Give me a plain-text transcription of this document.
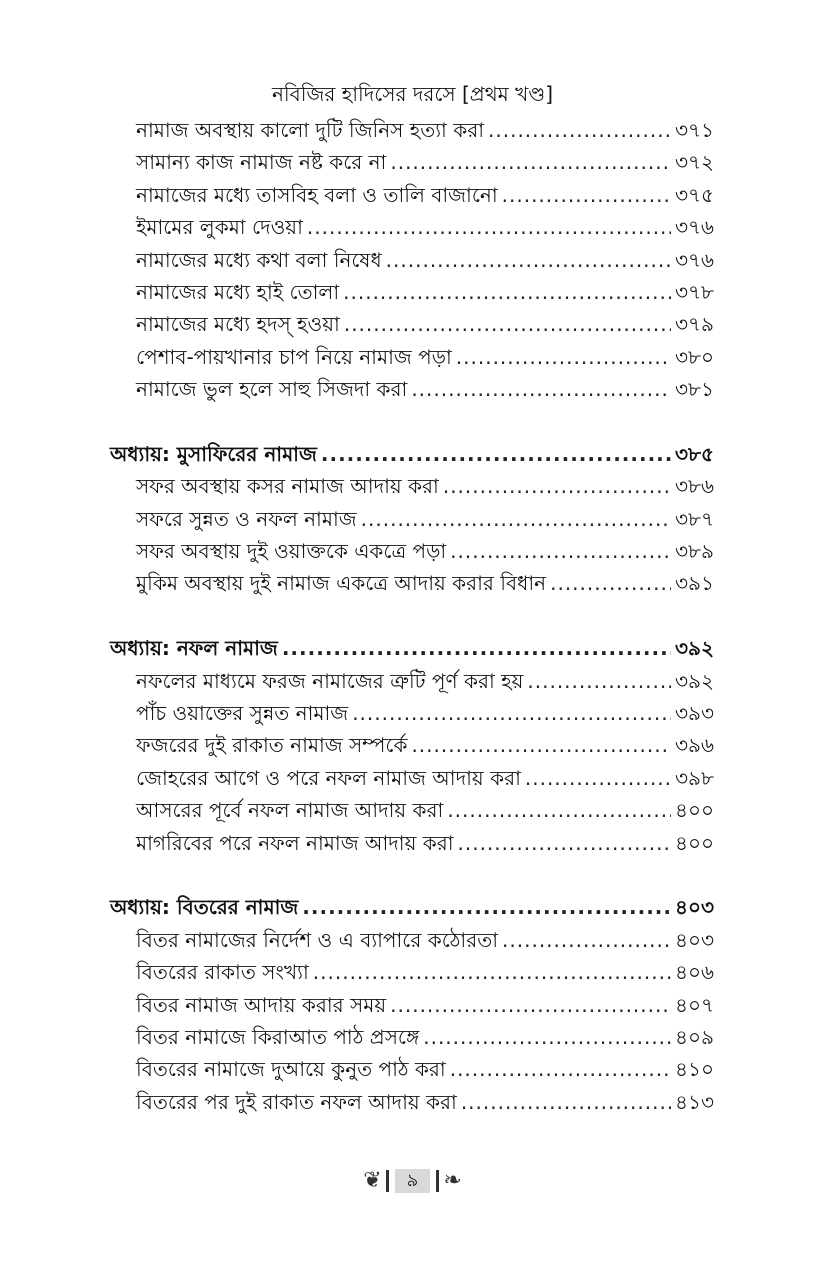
নবিজির হাদিসের দরসে [প্রথম খণ্ড]
নামাজ অবস্থায় কালো দুটি জিনিস হত্যা করা .....	৩৭১
সামান্য কাজ নামাজ নষ্ট করে না .....	৩৭২
নামাজের মধ্যে তাসবিহ বলা ও তালি বাজানো .....	৩৭৫
ইমামের লুকমা দেওয়া .....	৩৭৬
নামাজের মধ্যে কথা বলা নিষেধ .....	৩৭৬
নামাজের মধ্যে হাই তোলা .....	৩৭৮
নামাজের মধ্যে হদস্ হওয়া .....	৩৭৯
পেশাব-পায়খানার চাপ নিয়ে নামাজ পড়া .....	৩৮০
নামাজে ভুল হলে সাহু সিজদা করা .....	৩৮১
অধ্যায়: মুসাফিরের নামাজ .....	৩৮৫
সফর অবস্থায় কসর নামাজ আদায় করা .....	৩৮৬
সফরে সুন্নত ও নফল নামাজ .....	৩৮৭
সফর অবস্থায় দুই ওয়াক্তকে একত্রে পড়া .....	৩৮৯
মুকিম অবস্থায় দুই নামাজ একত্রে আদায় করার বিধান .....	৩৯১
অধ্যায়: নফল নামাজ .....	৩৯২
নফলের মাধ্যমে ফরজ নামাজের ত্রুটি পূর্ণ করা হয় .....	৩৯২
পাঁচ ওয়াক্তের সুন্নত নামাজ .....	৩৯৩
ফজরের দুই রাকাত নামাজ সম্পর্কে .....	৩৯৬
জোহরের আগে ও পরে নফল নামাজ আদায় করা .....	৩৯৮
আসরের পূর্বে নফল নামাজ আদায় করা .....	৪০০
মাগরিবের পরে নফল নামাজ আদায় করা .....	৪০০
অধ্যায়: বিতরের নামাজ .....	৪০৩
বিতর নামাজের নির্দেশ ও এ ব্যাপারে কঠোরতা .....	৪০৩
বিতরের রাকাত সংখ্যা .....	৪০৬
বিতর নামাজ আদায় করার সময় .....	৪০৭
বিতর নামাজে কিরাআত পাঠ প্রসঙ্গে .....	৪০৯
বিতরের নামাজে দুআয়ে কুনুত পাঠ করা .....	৪১০
বিতরের পর দুই রাকাত নফল আদায় করা .....	৪১৩
❦	৯	❧
